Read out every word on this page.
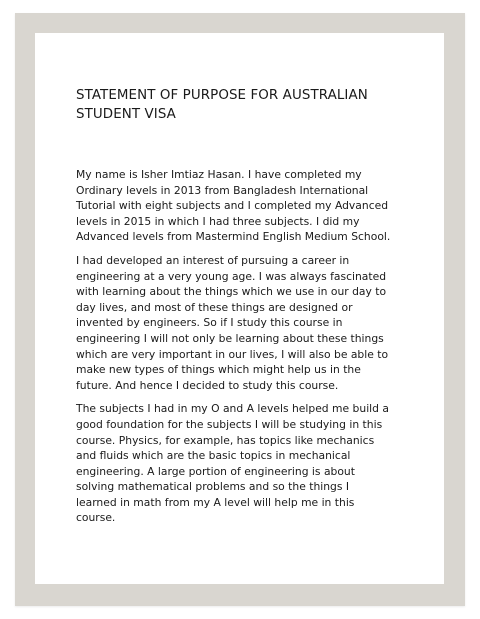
STATEMENT OF PURPOSE FOR AUSTRALIAN
STUDENT VISA

My name is Isher Imtiaz Hasan. I have completed my
Ordinary levels in 2013 from Bangladesh International
Tutorial with eight subjects and I completed my Advanced
levels in 2015 in which I had three subjects. I did my
Advanced levels from Mastermind English Medium School.

I had developed an interest of pursuing a career in
engineering at a very young age. I was always fascinated
with learning about the things which we use in our day to
day lives, and most of these things are designed or
invented by engineers. So if I study this course in
engineering I will not only be learning about these things
which are very important in our lives, I will also be able to
make new types of things which might help us in the
future. And hence I decided to study this course.

The subjects I had in my O and A levels helped me build a
good foundation for the subjects I will be studying in this
course. Physics, for example, has topics like mechanics
and fluids which are the basic topics in mechanical
engineering. A large portion of engineering is about
solving mathematical problems and so the things I
learned in math from my A level will help me in this
course.
